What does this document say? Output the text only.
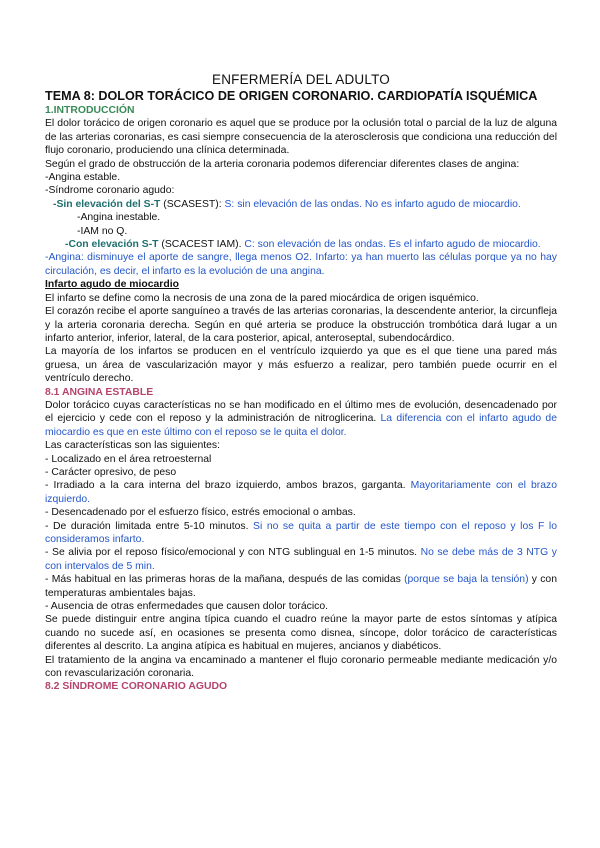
ENFERMERÍA DEL ADULTO

TEMA 8: DOLOR TORÁCICO DE ORIGEN CORONARIO. CARDIOPATÍA ISQUÉMICA

1.INTRODUCCIÓN

El dolor torácico de origen coronario es aquel que se produce por la oclusión total o parcial de la luz de alguna de las arterias coronarias, es casi siempre consecuencia de la aterosclerosis que condiciona una reducción del flujo coronario, produciendo una clínica determinada.

Según el grado de obstrucción de la arteria coronaria podemos diferenciar diferentes clases de angina:

-Angina estable.

-Síndrome coronario agudo:

-Sin elevación del S-T (SCASEST): S: sin elevación de las ondas. No es infarto agudo de miocardio.

-Angina inestable.

-IAM no Q.

-Con elevación S-T (SCACEST IAM). C: son elevación de las ondas. Es el infarto agudo de miocardio.

-Angina: disminuye el aporte de sangre, llega menos O2. Infarto: ya han muerto las células porque ya no hay circulación, es decir, el infarto es la evolución de una angina.

Infarto agudo de miocardio

El infarto se define como la necrosis de una zona de la pared miocárdica de origen isquémico.

El corazón recibe el aporte sanguíneo a través de las arterias coronarias, la descendente anterior, la circunfleja y la arteria coronaria derecha. Según en qué arteria se produce la obstrucción trombótica dará lugar a un infarto anterior, inferior, lateral, de la cara posterior, apical, anteroseptal, subendocárdico.

La mayoría de los infartos se producen en el ventrículo izquierdo ya que es el que tiene una pared más gruesa, un área de vascularización mayor y más esfuerzo a realizar, pero también puede ocurrir en el ventrículo derecho.

8.1 ANGINA ESTABLE

Dolor torácico cuyas características no se han modificado en el último mes de evolución, desencadenado por el ejercicio y cede con el reposo y la administración de nitroglicerina. La diferencia con el infarto agudo de miocardio es que en este último con el reposo se le quita el dolor.

Las características son las siguientes:

- Localizado en el área retroesternal

- Carácter opresivo, de peso

- Irradiado a la cara interna del brazo izquierdo, ambos brazos, garganta. Mayoritariamente con el brazo izquierdo.

- Desencadenado por el esfuerzo físico, estrés emocional o ambas.

- De duración limitada entre 5-10 minutos. Si no se quita a partir de este tiempo con el reposo y los F lo consideramos infarto.

- Se alivia por el reposo físico/emocional y con NTG sublingual en 1-5 minutos. No se debe más de 3 NTG y con intervalos de 5 min.

- Más habitual en las primeras horas de la mañana, después de las comidas (porque se baja la tensión) y con temperaturas ambientales bajas.

- Ausencia de otras enfermedades que causen dolor torácico.

Se puede distinguir entre angina típica cuando el cuadro reúne la mayor parte de estos síntomas y atípica cuando no sucede así, en ocasiones se presenta como disnea, síncope, dolor torácico de características diferentes al descrito. La angina atípica es habitual en mujeres, ancianos y diabéticos.

El tratamiento de la angina va encaminado a mantener el flujo coronario permeable mediante medicación y/o con revascularización coronaria.

8.2 SÍNDROME CORONARIO AGUDO
